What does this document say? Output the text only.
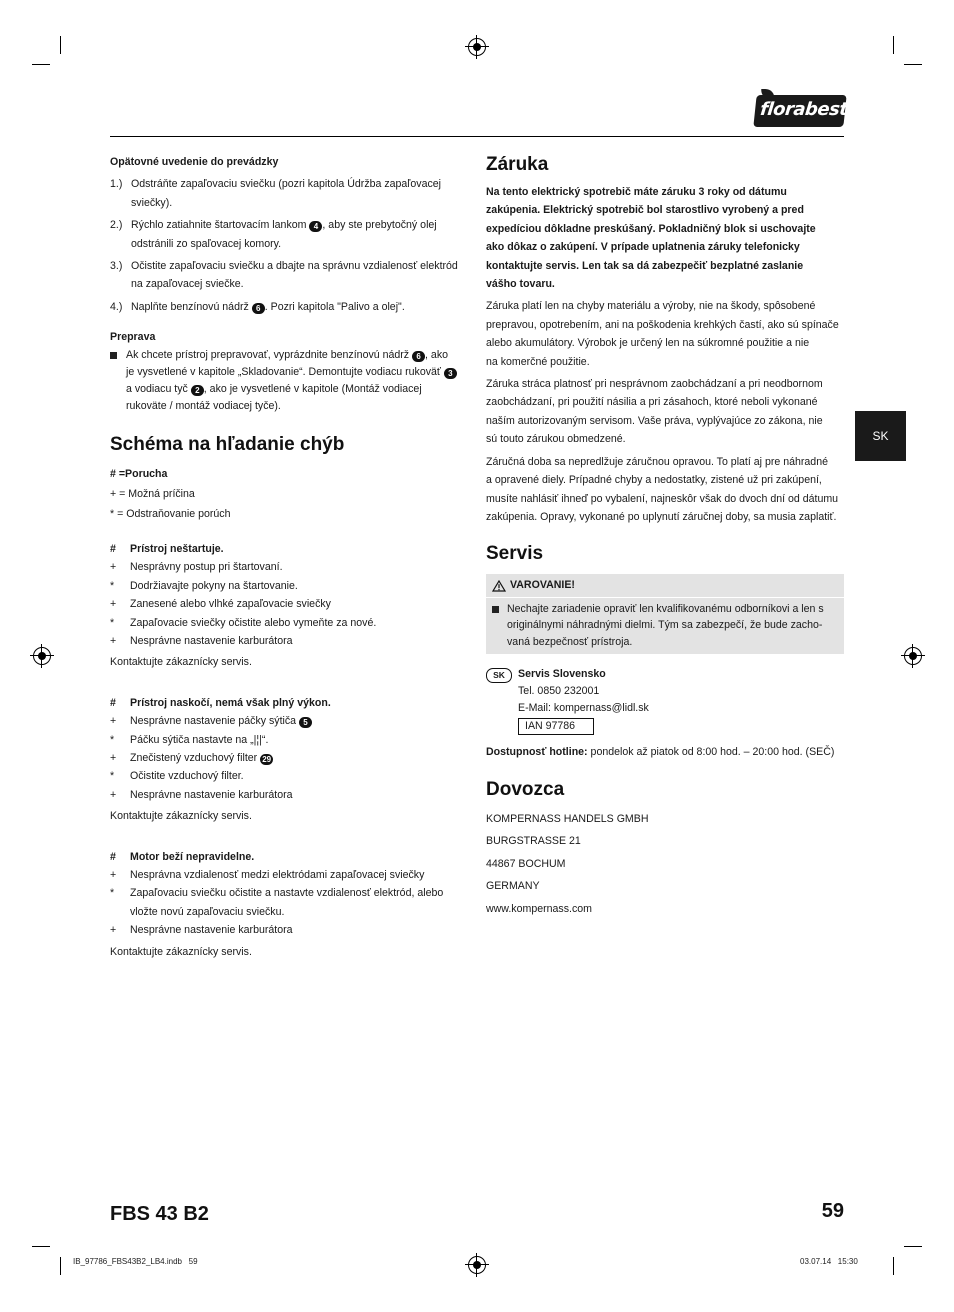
florabest
SK
Opätovné uvedenie do prevádzky
1.) Odstráňte zapaľovaciu sviečku (pozri kapitola Údržba zapaľovacej
sviečky).
2.) Rýchlo zatiahnite štartovacím lankom 4 , aby ste prebytočný olej
odstránili zo spaľovacej komory.
3.) Očistite zapaľovaciu sviečku a dbajte na správnu vzdialenosť elektród
na zapaľovacej sviečke.
4.) Naplňte benzínovú nádrž 6 . Pozri kapitola "Palivo a olej".
Preprava
Ak chcete prístroj prepravovať, vyprázdnite benzínovú nádrž 6 , ako
je vysvetlené v kapitole „Skladovanie“. Demontujte vodiacu rukoväť 3
a vodiacu tyč 2 , ako je vysvetlené v kapitole (Montáž vodiacej
rukoväte / montáž vodiacej tyče).
Schéma na hľadanie chýb
# = Porucha
+ =
Možná príčina
* =
Odstraňovanie porúch
#	Prístroj neštartuje.
+	Nesprávny postup pri štartovaní.
*	Dodržiavajte pokyny na štartovanie.
+	Zanesené alebo vlhké zapaľovacie sviečky
*	Zapaľovacie sviečky očistite alebo vymeňte za nové.
+	Nesprávne nastavenie karburátora
Kontaktujte zákaznícky servis.
#	Prístroj naskočí, nemá však plný výkon.
+	Nesprávne nastavenie páčky sýtiča 5
*	Páčku sýtiča nastavte na „|¦|“.
+	Znečistený vzduchový filter 29
*	Očistite vzduchový filter.
+	Nesprávne nastavenie karburátora
Kontaktujte zákaznícky servis.
#	Motor beží nepravidelne.
+	Nesprávna vzdialenosť medzi elektródami zapaľovacej sviečky
*	Zapaľovaciu sviečku očistite a nastavte vzdialenosť elektród, alebo
vložte novú zapaľovaciu sviečku.
+	Nesprávne nastavenie karburátora
Kontaktujte zákaznícky servis.
Záruka
Na tento elektrický spotrebič máte záruku 3 roky od dátumu
zakúpenia. Elektrický spotrebič bol starostlivo vyrobený a pred
expedíciou dôkladne preskúšaný. Pokladničný blok si uschovajte
ako dôkaz o zakúpení. V prípade uplatnenia záruky telefonicky
kontaktujte servis. Len tak sa dá zabezpečiť bezplatné zaslanie
vášho tovaru.
Záruka platí len na chyby materiálu a výroby, nie na škody, spôsobené
prepravou, opotrebením, ani na poškodenia krehkých častí, ako sú spínače
alebo akumulátory. Výrobok je určený len na súkromné použitie a nie
na komerčné použitie.
Záruka stráca platnosť pri nesprávnom zaobchádzaní a pri neodbornom
zaobchádzaní, pri použití násilia a pri zásahoch, ktoré neboli vykonané
naším autorizovaným servisom. Vaše práva, vyplývajúce zo zákona, nie
sú touto zárukou obmedzené.
Záručná doba sa nepredlžuje záručnou opravou. To platí aj pre náhradné
a opravené diely. Prípadné chyby a nedostatky, zistené už pri zakúpení,
musíte nahlásiť ihneď po vybalení, najneskôr však do dvoch dní od dátumu
zakúpenia. Opravy, vykonané po uplynutí záručnej doby, sa musia zaplatiť.
Servis
VAROVANIE!
Nechajte zariadenie opraviť len kvalifikovanému odborníkovi a len s
originálnymi náhradnými dielmi. Tým sa zabezpečí, že bude zacho-
vaná bezpečnosť prístroja.
SK	Servis Slovensko
Tel. 0850 232001
E-Mail: kompernass@lidl.sk
IAN 97786
Dostupnosť hotline: pondelok až piatok od 8:00 hod. – 20:00 hod. (SEČ)
Dovozca
KOMPERNASS HANDELS GMBH
BURGSTRASSE 21
44867 BOCHUM
GERMANY
www.kompernass.com
FBS 43 B2	59
IB_97786_FBS43B2_LB4.indb   59	03.07.14   15:30
